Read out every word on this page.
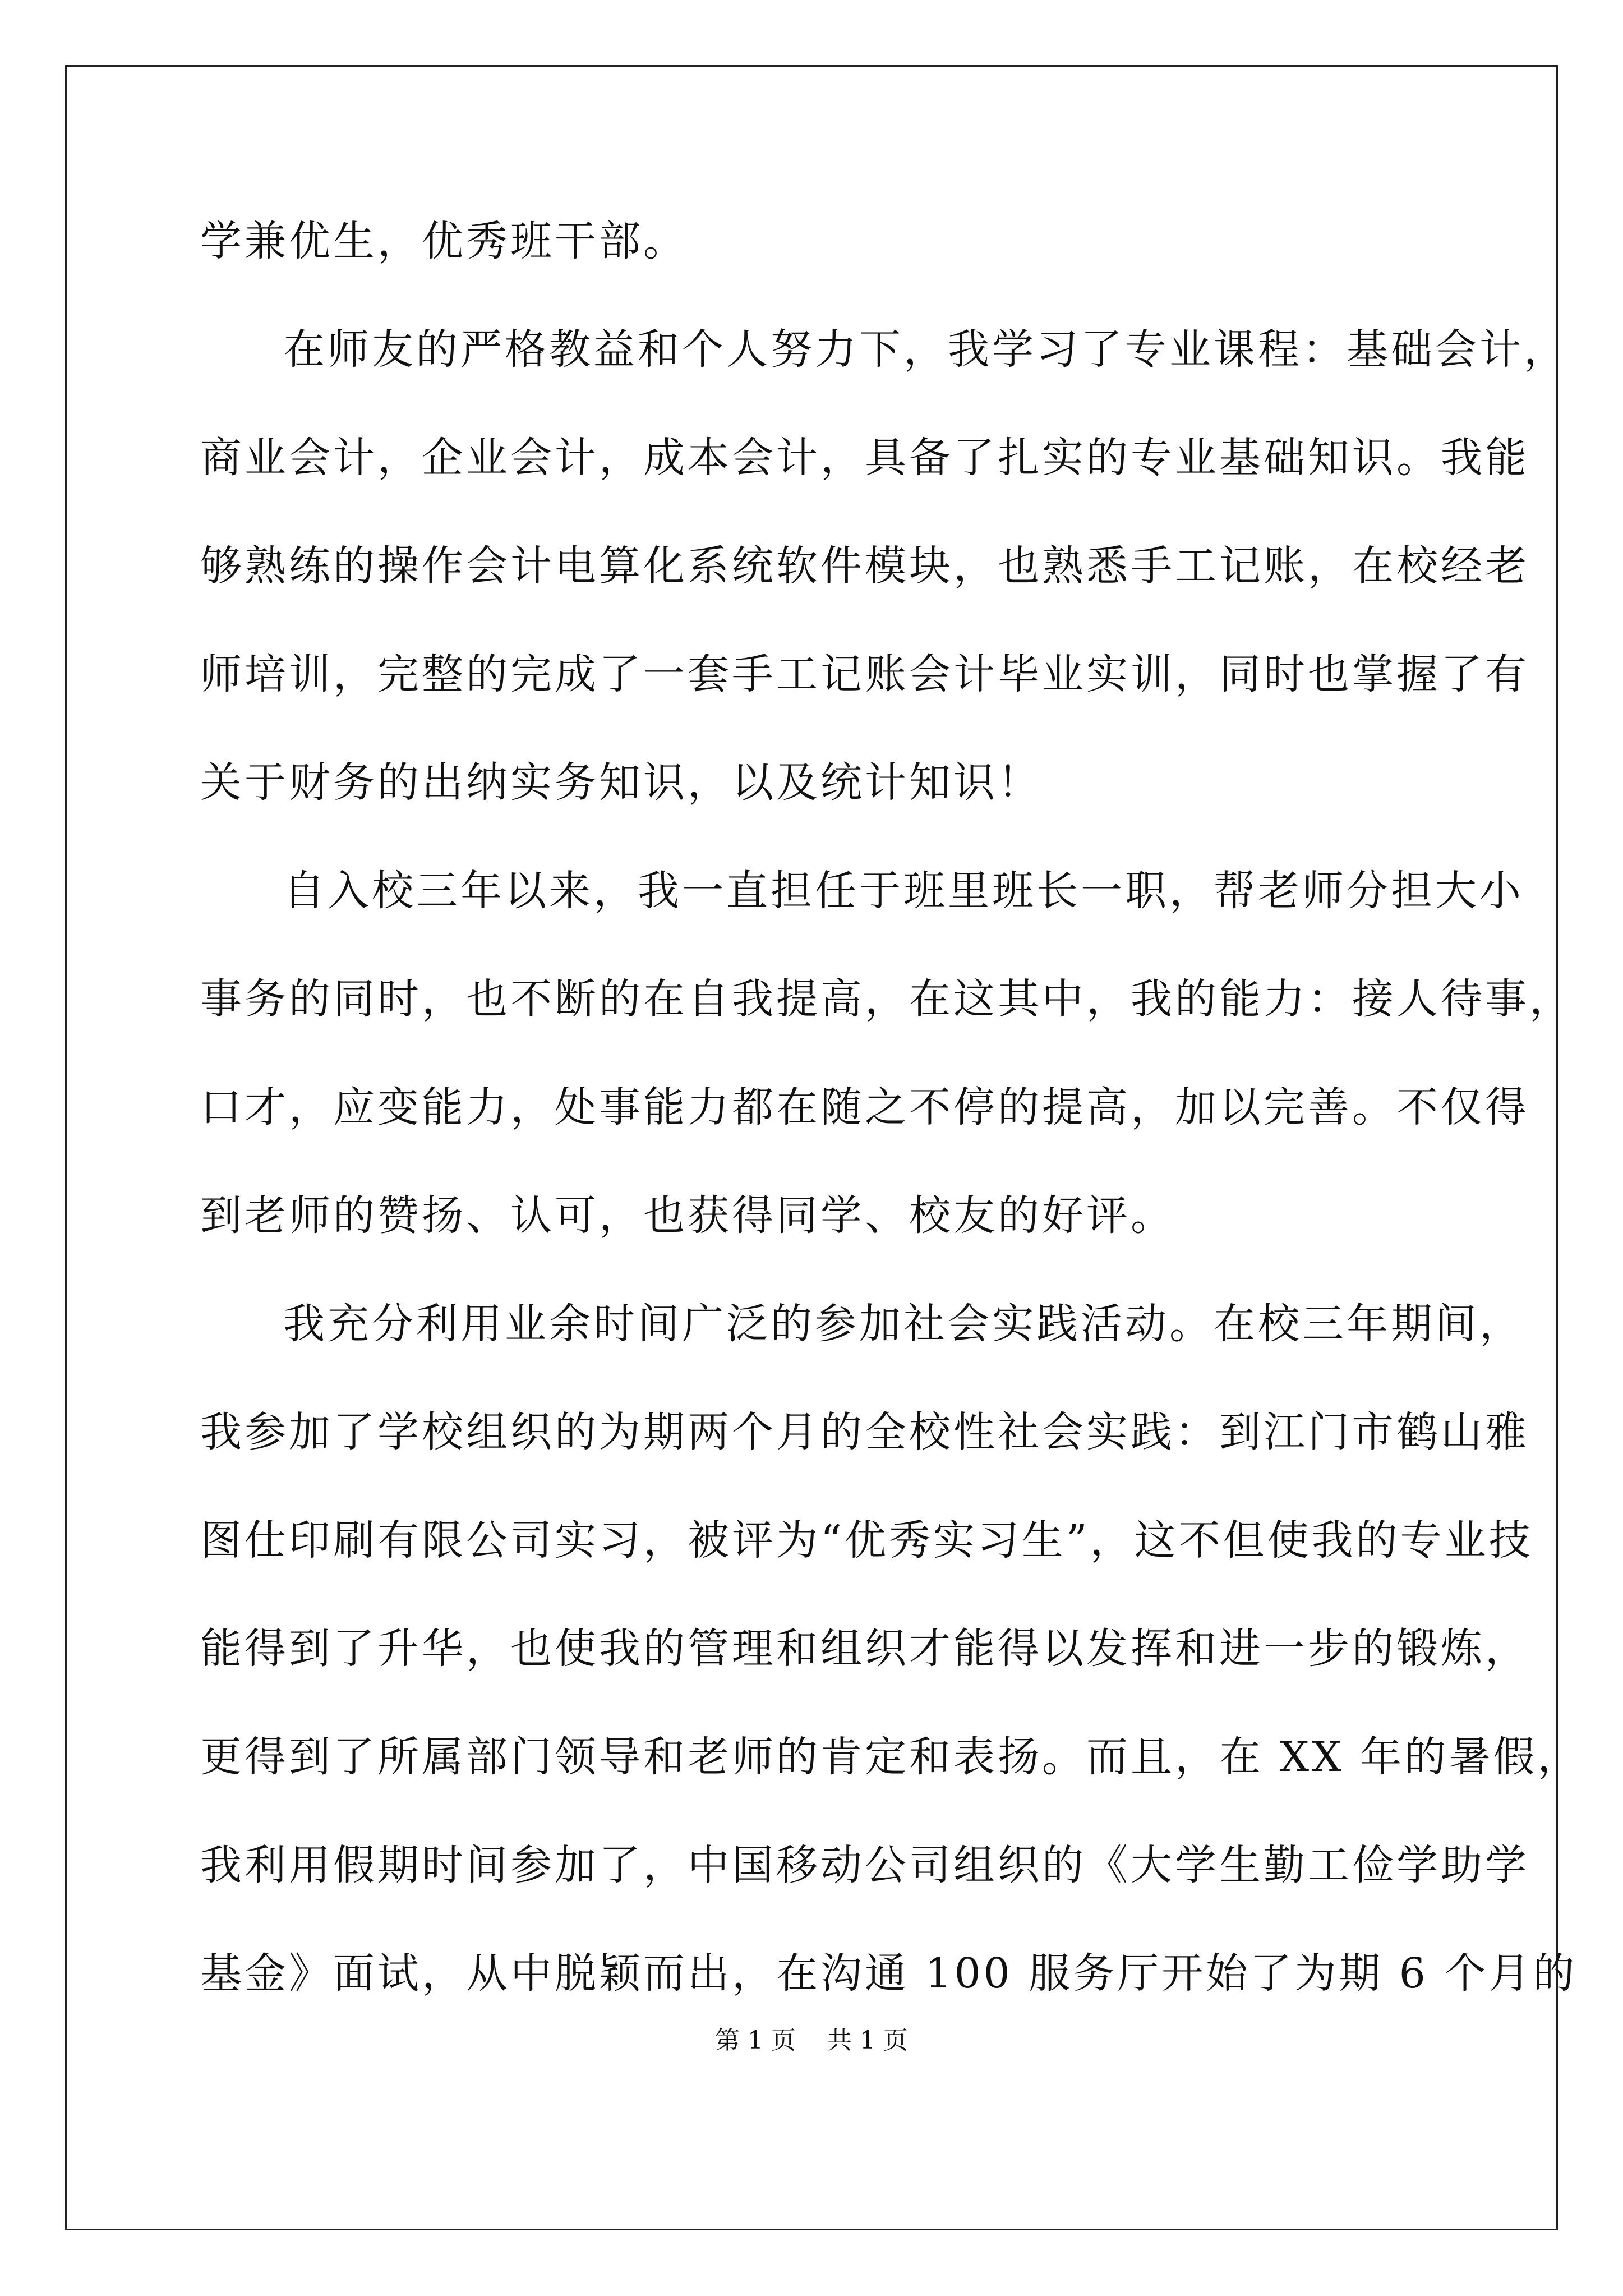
学兼优生，优秀班干部。
在师友的严格教益和个人努力下，我学习了专业课程：基础会计，
商业会计，企业会计，成本会计，具备了扎实的专业基础知识。我能
够熟练的操作会计电算化系统软件模块，也熟悉手工记账，在校经老
师培训，完整的完成了一套手工记账会计毕业实训，同时也掌握了有
关于财务的出纳实务知识，以及统计知识！
自入校三年以来，我一直担任于班里班长一职，帮老师分担大小
事务的同时，也不断的在自我提高，在这其中，我的能力：接人待事，
口才，应变能力，处事能力都在随之不停的提高，加以完善。不仅得
到老师的赞扬、认可，也获得同学、校友的好评。
我充分利用业余时间广泛的参加社会实践活动。在校三年期间，
我参加了学校组织的为期两个月的全校性社会实践：到江门市鹤山雅
图仕印刷有限公司实习，被评为“优秀实习生”，这不但使我的专业技
能得到了升华，也使我的管理和组织才能得以发挥和进一步的锻炼，
更得到了所属部门领导和老师的肯定和表扬。而且，在 XX 年的暑假，
我利用假期时间参加了，中国移动公司组织的《大学生勤工俭学助学
基金》面试，从中脱颖而出，在沟通 100 服务厅开始了为期 6 个月的
第 1 页    共 1 页
